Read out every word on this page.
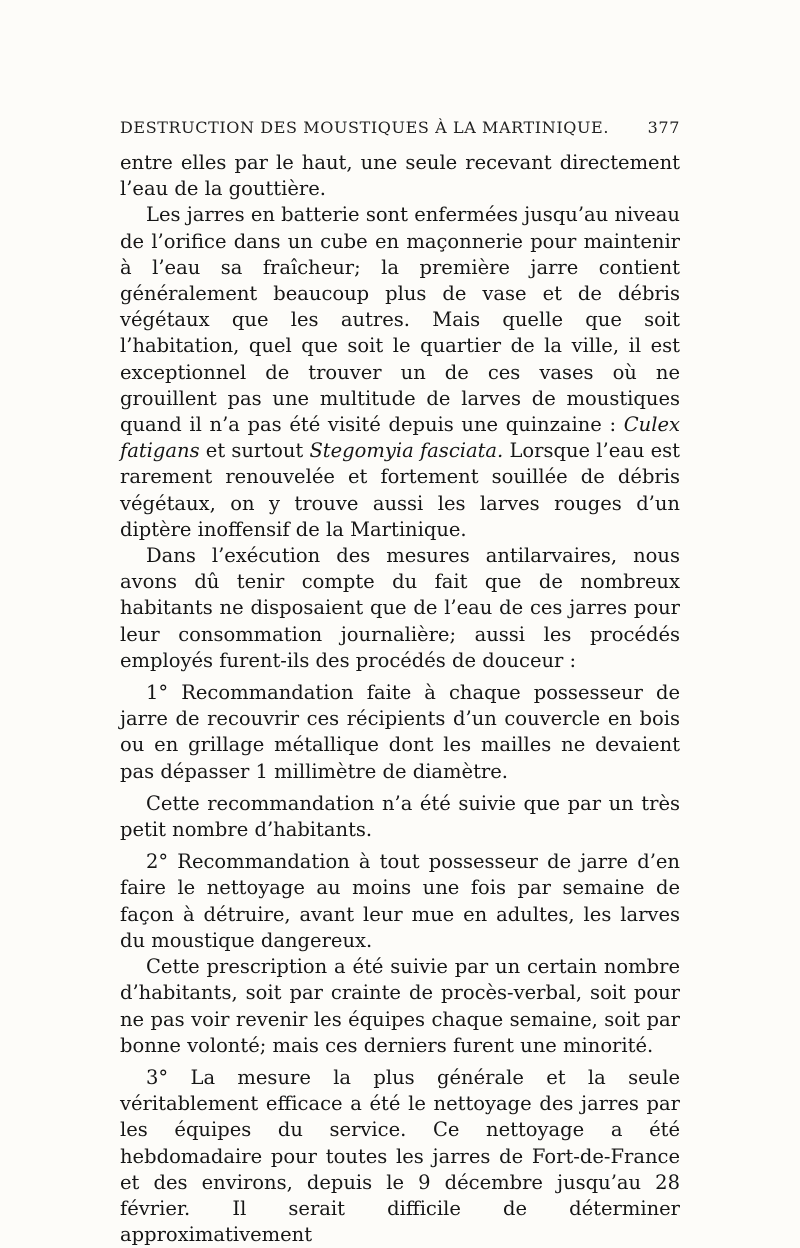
DESTRUCTION DES MOUSTIQUES À LA MARTINIQUE. 377

entre elles par le haut, une seule recevant directement l’eau de la gouttière.

Les jarres en batterie sont enfermées jusqu’au niveau de l’orifice dans un cube en maçonnerie pour maintenir à l’eau sa fraîcheur; la première jarre contient généralement beaucoup plus de vase et de débris végétaux que les autres. Mais quelle que soit l’habitation, quel que soit le quartier de la ville, il est exceptionnel de trouver un de ces vases où ne grouillent pas une multitude de larves de moustiques quand il n’a pas été visité depuis une quinzaine : Culex fatigans et surtout Stegomyia fasciata. Lorsque l’eau est rarement renouvelée et fortement souillée de débris végétaux, on y trouve aussi les larves rouges d’un diptère inoffensif de la Martinique.

Dans l’exécution des mesures antilarvaires, nous avons dû tenir compte du fait que de nombreux habitants ne disposaient que de l’eau de ces jarres pour leur consommation journalière; aussi les procédés employés furent-ils des procédés de douceur :

1° Recommandation faite à chaque possesseur de jarre de recouvrir ces récipients d’un couvercle en bois ou en grillage métallique dont les mailles ne devaient pas dépasser 1 millimètre de diamètre.

Cette recommandation n’a été suivie que par un très petit nombre d’habitants.

2° Recommandation à tout possesseur de jarre d’en faire le nettoyage au moins une fois par semaine de façon à détruire, avant leur mue en adultes, les larves du moustique dangereux.

Cette prescription a été suivie par un certain nombre d’habitants, soit par crainte de procès-verbal, soit pour ne pas voir revenir les équipes chaque semaine, soit par bonne volonté; mais ces derniers furent une minorité.

3° La mesure la plus générale et la seule véritablement efficace a été le nettoyage des jarres par les équipes du service. Ce nettoyage a été hebdomadaire pour toutes les jarres de Fort-de-France et des environs, depuis le 9 décembre jusqu’au 28 février. Il serait difficile de déterminer approximativement
